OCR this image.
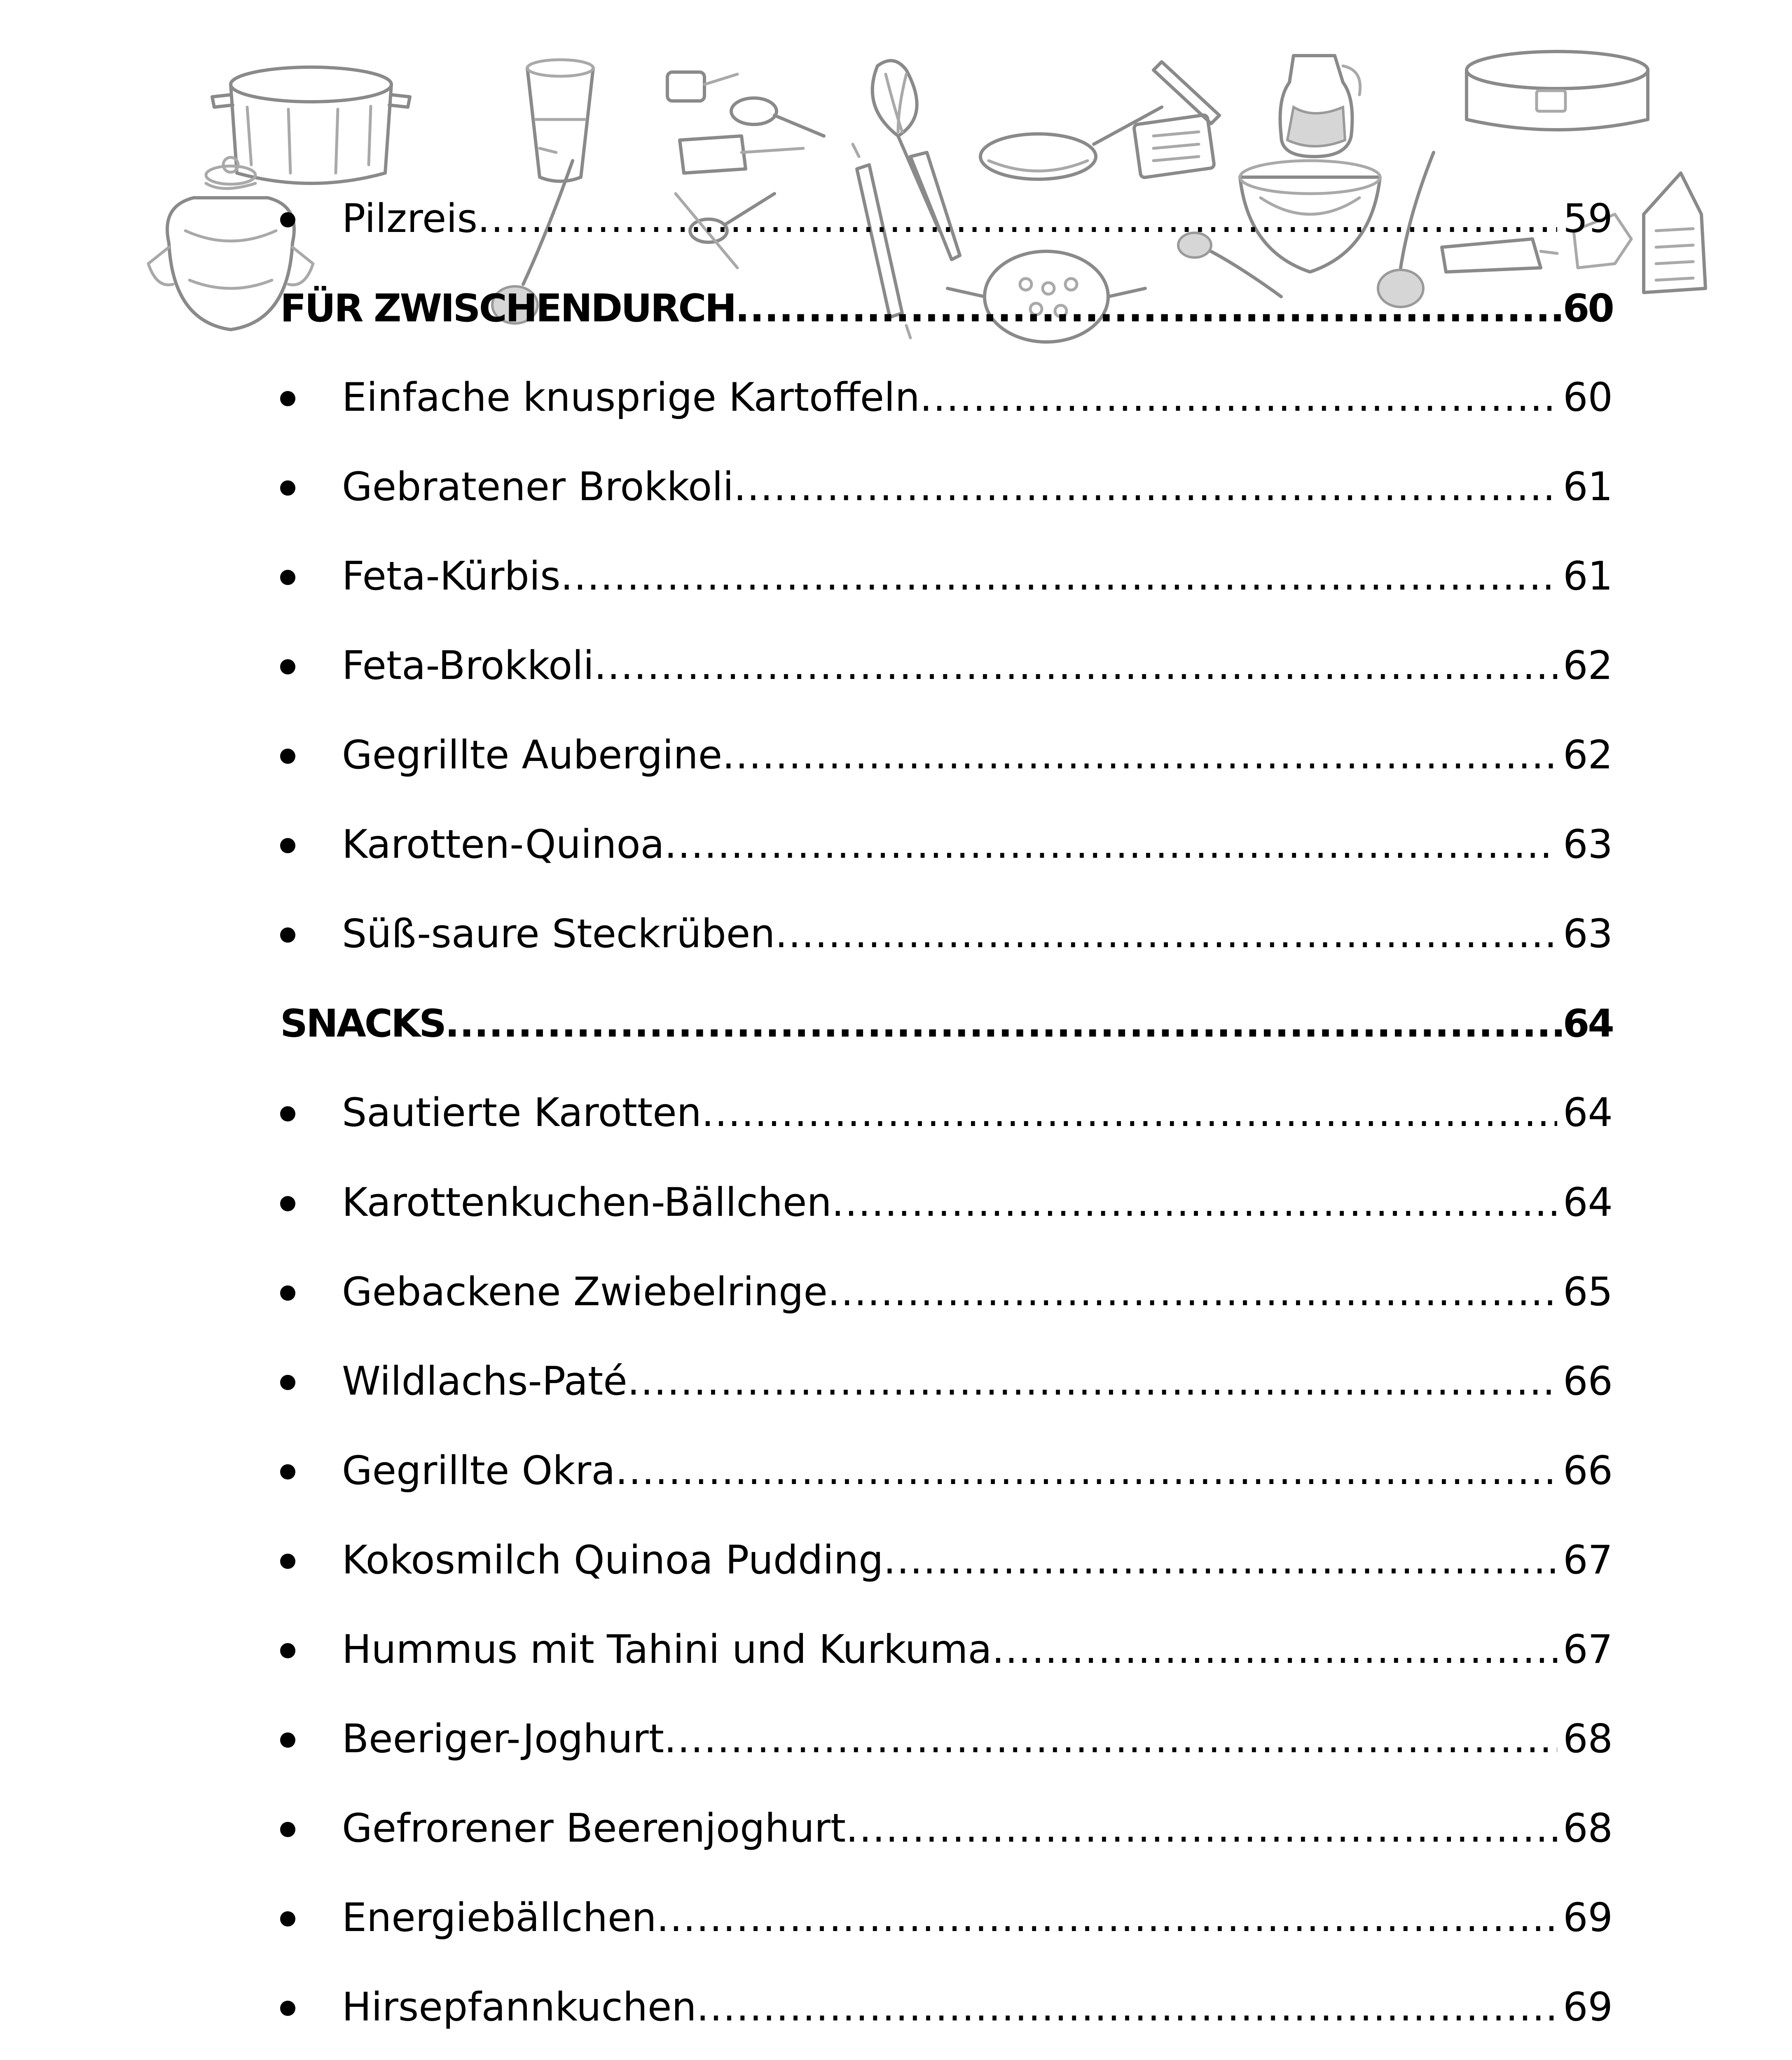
Pilzreis .....	59
FÜR ZWISCHENDURCH .....	60
Einfache knusprige Kartoffeln .....	60
Gebratener Brokkoli .....	61
Feta-Kürbis .....	61
Feta-Brokkoli .....	62
Gegrillte Aubergine .....	62
Karotten-Quinoa .....	63
Süß-saure Steckrüben .....	63
SNACKS .....	64
Sautierte Karotten .....	64
Karottenkuchen-Bällchen .....	64
Gebackene Zwiebelringe .....	65
Wildlachs-Paté .....	66
Gegrillte Okra .....	66
Kokosmilch Quinoa Pudding .....	67
Hummus mit Tahini und Kurkuma .....	67
Beeriger-Joghurt .....	68
Gefrorener Beerenjoghurt .....	68
Energiebällchen .....	69
Hirsepfannkuchen .....	69
